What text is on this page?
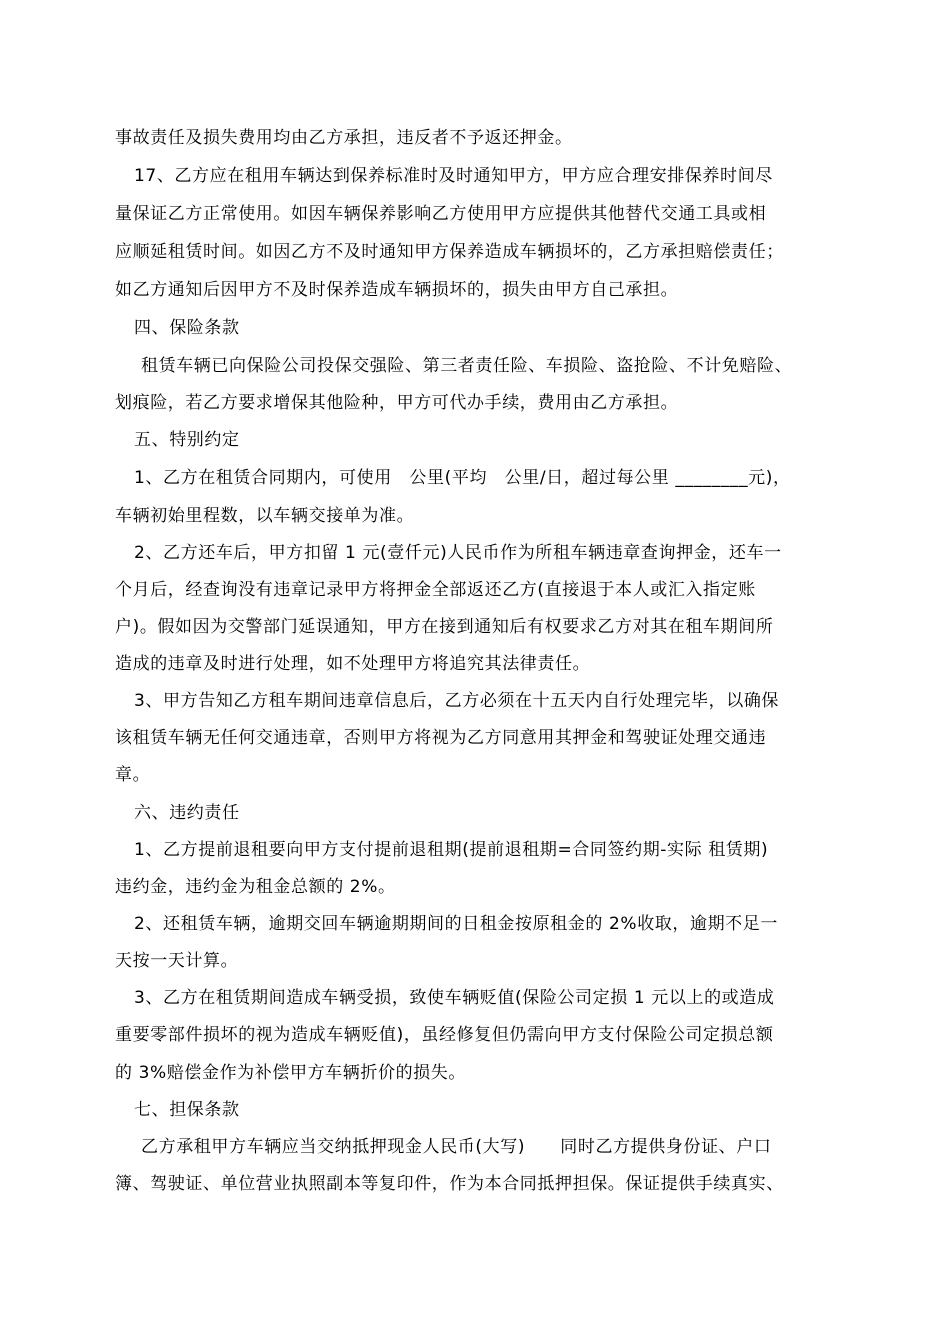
事故责任及损失费用均由乙方承担，违反者不予返还押金。
17、乙方应在租用车辆达到保养标准时及时通知甲方，甲方应合理安排保养时间尽
量保证乙方正常使用。如因车辆保养影响乙方使用甲方应提供其他替代交通工具或相
应顺延租赁时间。如因乙方不及时通知甲方保养造成车辆损坏的，乙方承担赔偿责任；
如乙方通知后因甲方不及时保养造成车辆损坏的，损失由甲方自己承担。
四、保险条款
租赁车辆已向保险公司投保交强险、第三者责任险、车损险、盗抢险、不计免赔险、
划痕险，若乙方要求增保其他险种，甲方可代办手续，费用由乙方承担。
五、特别约定
1、乙方在租赁合同期内，可使用　公里(平均　公里/日，超过每公里 ________元)，
车辆初始里程数，以车辆交接单为准。
2、乙方还车后，甲方扣留 1 元(壹仟元)人民币作为所租车辆违章查询押金，还车一
个月后，经查询没有违章记录甲方将押金全部返还乙方(直接退于本人或汇入指定账
户)。假如因为交警部门延误通知，甲方在接到通知后有权要求乙方对其在租车期间所
造成的违章及时进行处理，如不处理甲方将追究其法律责任。
3、甲方告知乙方租车期间违章信息后，乙方必须在十五天内自行处理完毕，以确保
该租赁车辆无任何交通违章，否则甲方将视为乙方同意用其押金和驾驶证处理交通违
章。
六、违约责任
1、乙方提前退租要向甲方支付提前退租期(提前退租期=合同签约期-实际 租赁期)
违约金，违约金为租金总额的 2%。
2、还租赁车辆，逾期交回车辆逾期期间的日租金按原租金的 2%收取，逾期不足一
天按一天计算。
3、乙方在租赁期间造成车辆受损，致使车辆贬值(保险公司定损 1 元以上的或造成
重要零部件损坏的视为造成车辆贬值)，虽经修复但仍需向甲方支付保险公司定损总额
的 3%赔偿金作为补偿甲方车辆折价的损失。
七、担保条款
乙方承租甲方车辆应当交纳抵押现金人民币(大写)　　同时乙方提供身份证、户口
簿、驾驶证、单位营业执照副本等复印件，作为本合同抵押担保。保证提供手续真实、
